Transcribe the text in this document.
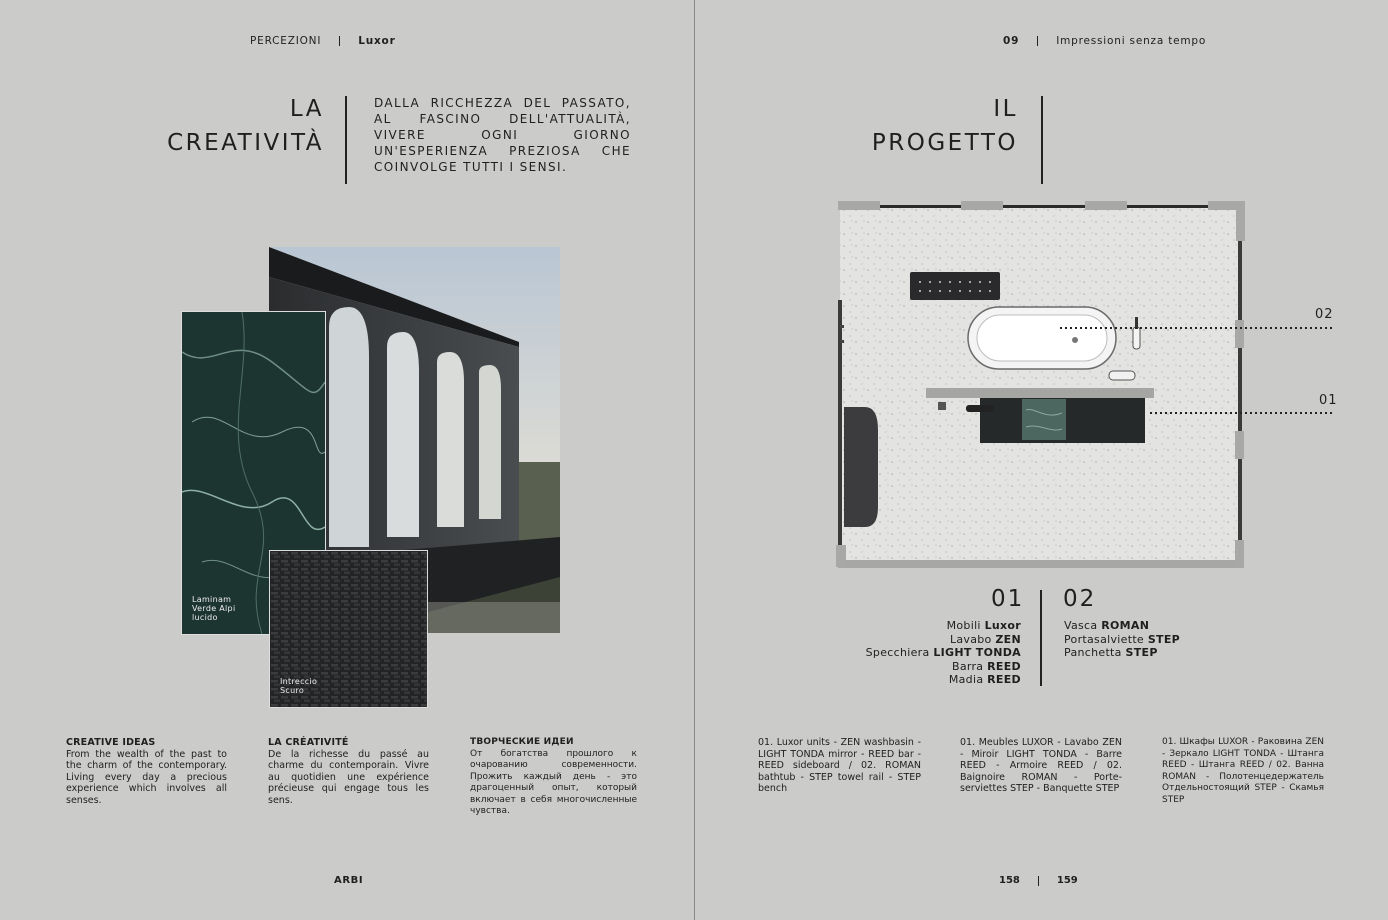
PERCEZIONI	Luxor
LA
CREATIVITÀ
DALLA RICCHEZZA DEL PASSATO, AL FASCINO DELL'ATTUALITÀ, VIVERE OGNI GIORNO UN'ESPERIENZA PREZIOSA CHE COINVOLGE TUTTI I SENSI.
Laminam
Verde Alpi
lucido
Intreccio
Scuro
CREATIVE IDEAS
From the wealth of the past to the charm of the contemporary. Living every day a precious experience which involves all senses.
LA CRÉATIVITÉ
De la richesse du passé au charme du contemporain. Vivre au quotidien une expérience précieuse qui engage tous les sens.
ТВОРЧЕСКИЕ ИДЕИ
От богатства прошлого к очарованию современности. Прожить каждый день - это драгоценный опыт, который включает в себя многочисленные чувства.
ARBI
09	Impressioni senza tempo
IL
PROGETTO
02
01
01 02
Mobili Luxor
Lavabo ZEN
Specchiera LIGHT TONDA
Barra REED
Madia REED
Vasca ROMAN
Portasalviette STEP
Panchetta STEP
01. Luxor units - ZEN washbasin - LIGHT TONDA mirror - REED bar - REED sideboard / 02. ROMAN bathtub - STEP towel rail - STEP bench
01. Meubles LUXOR - Lavabo ZEN - Miroir LIGHT TONDA - Barre REED - Armoire REED / 02. Baignoire ROMAN - Porte-serviettes STEP - Banquette STEP
01. Шкафы LUXOR - Раковина ZEN - Зеркало LIGHT TONDA - Штанга REED - Штанга REED / 02. Ванна ROMAN - Полотенцедержатель Отдельностоящий STEP - Скамья STEP
158	159
